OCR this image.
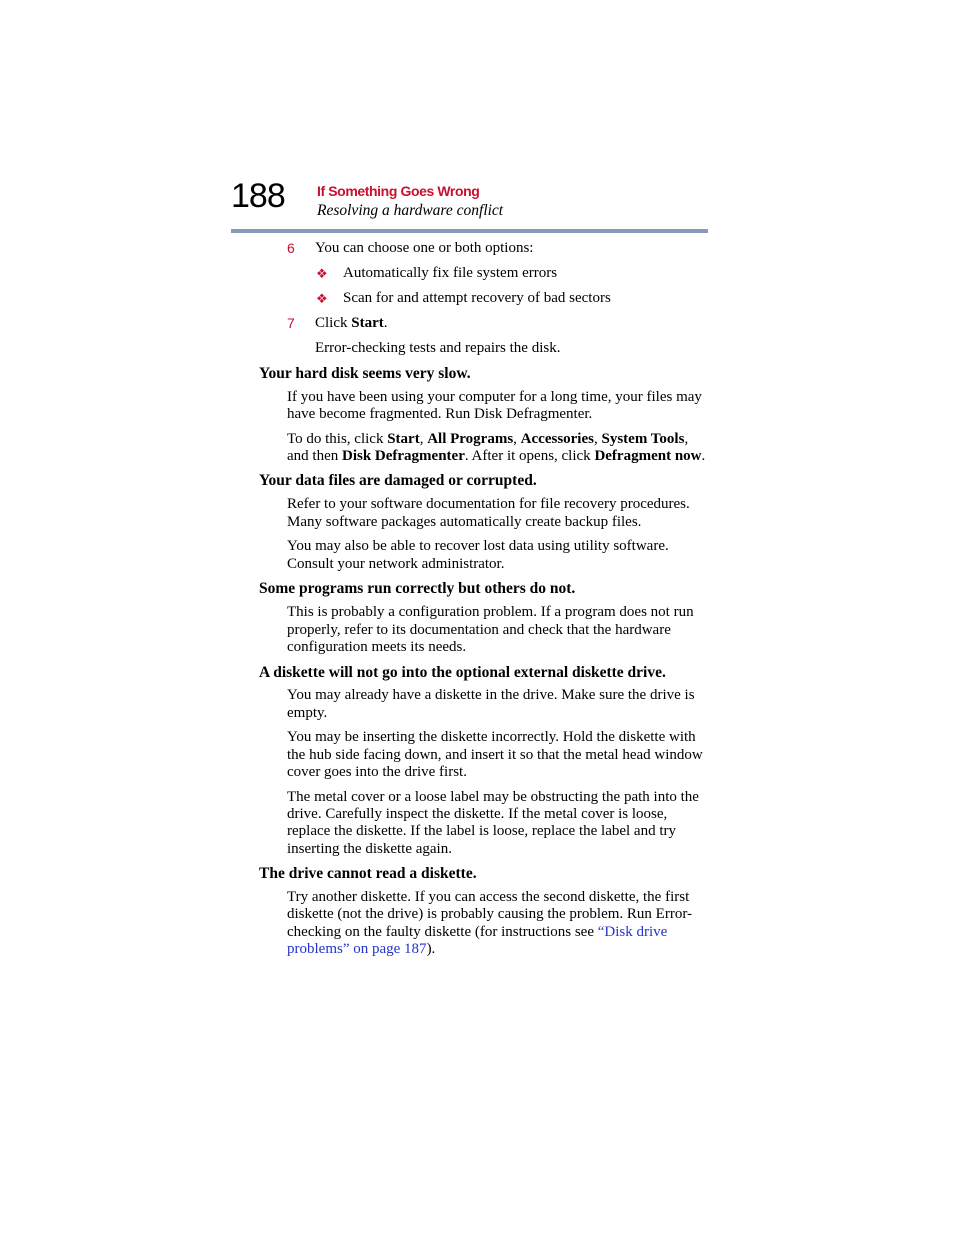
188 If Something Goes Wrong
Resolving a hardware conflict
6 You can choose one or both options:
❖ Automatically fix file system errors
❖ Scan for and attempt recovery of bad sectors
7 Click Start.
Error-checking tests and repairs the disk.
Your hard disk seems very slow.
If you have been using your computer for a long time, your files may have become fragmented. Run Disk Defragmenter.
To do this, click Start, All Programs, Accessories, System Tools, and then Disk Defragmenter. After it opens, click Defragment now.
Your data files are damaged or corrupted.
Refer to your software documentation for file recovery procedures. Many software packages automatically create backup files.
You may also be able to recover lost data using utility software. Consult your network administrator.
Some programs run correctly but others do not.
This is probably a configuration problem. If a program does not run properly, refer to its documentation and check that the hardware configuration meets its needs.
A diskette will not go into the optional external diskette drive.
You may already have a diskette in the drive. Make sure the drive is empty.
You may be inserting the diskette incorrectly. Hold the diskette with the hub side facing down, and insert it so that the metal head window cover goes into the drive first.
The metal cover or a loose label may be obstructing the path into the drive. Carefully inspect the diskette. If the metal cover is loose, replace the diskette. If the label is loose, replace the label and try inserting the diskette again.
The drive cannot read a diskette.
Try another diskette. If you can access the second diskette, the first diskette (not the drive) is probably causing the problem. Run Error-checking on the faulty diskette (for instructions see “Disk drive problems” on page 187).
